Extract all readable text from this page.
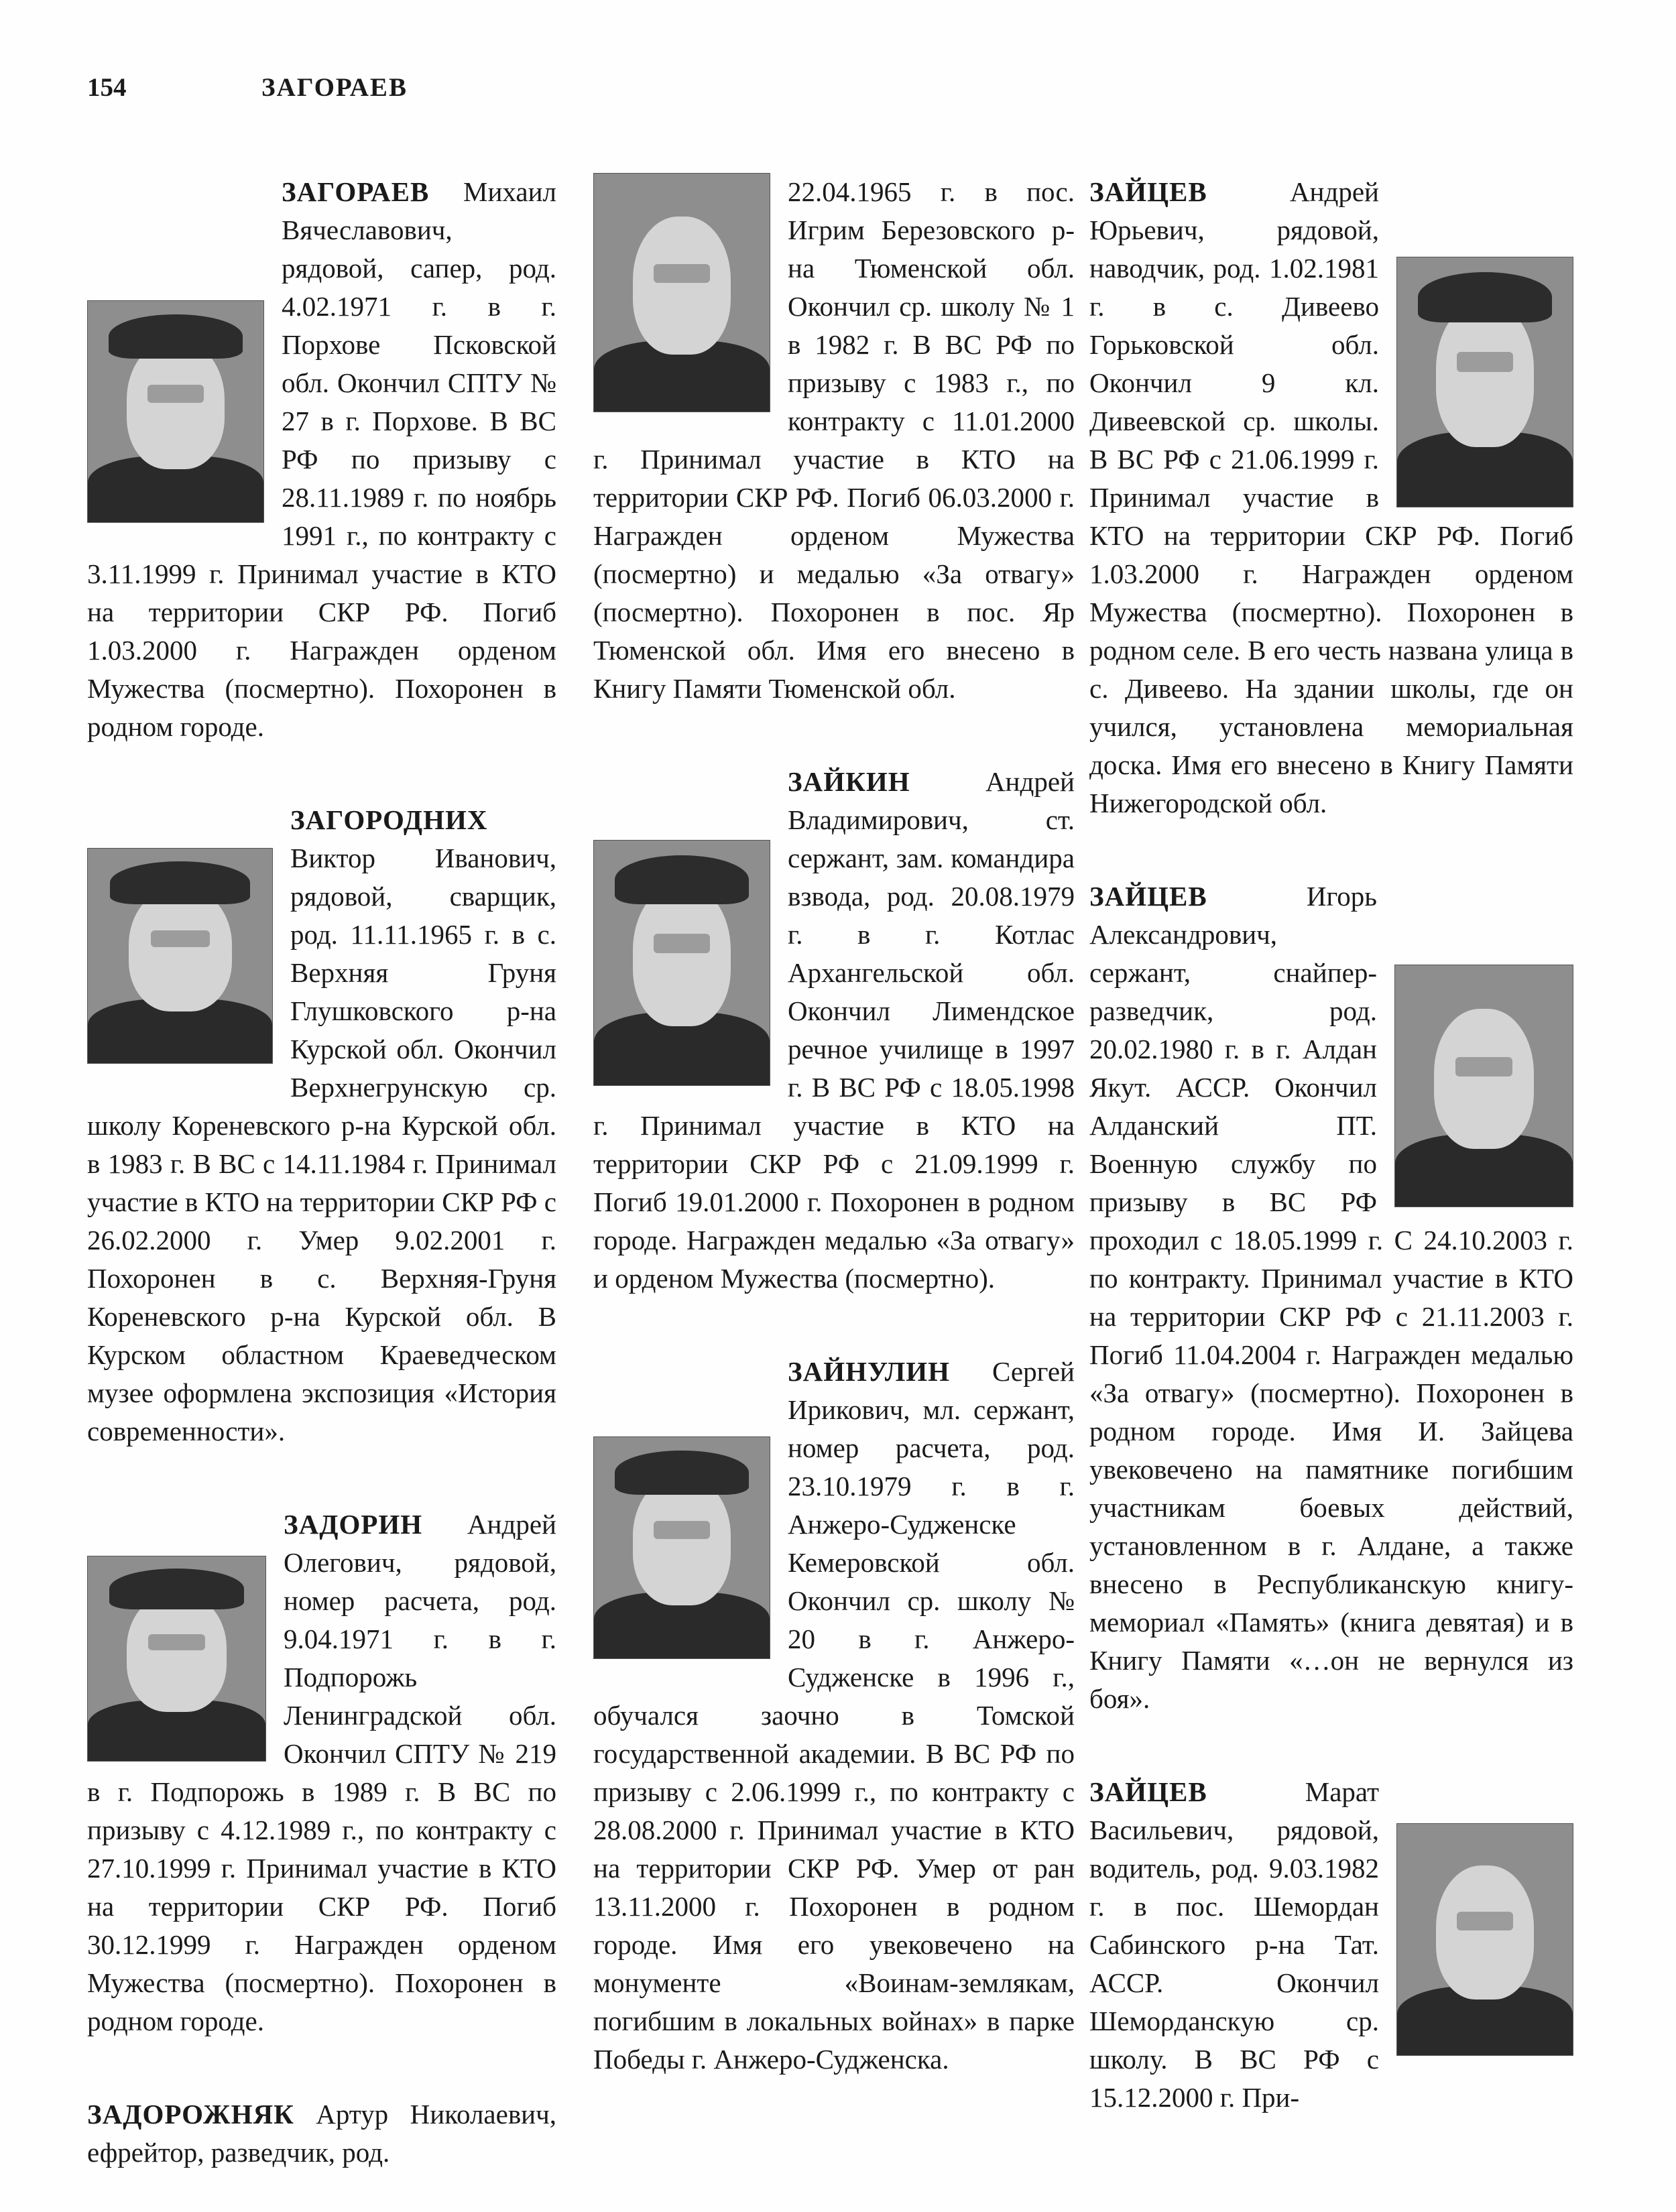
154	ЗАГОРАЕВ
ЗАГОРАЕВ Михаил Вячеславович, рядовой, сапер, род. 4.02.1971 г. в г. Порхове Псковской обл. Окончил СПТУ № 27 в г. Порхове. В ВС РФ по призыву с 28.11.1989 г. по ноябрь 1991 г., по контракту с 3.11.1999 г. Принимал участие в КТО на территории СКР РФ. Погиб 1.03.2000 г. Награжден орденом Мужества (посмертно). Похоронен в родном городе.
ЗАГОРОДНИХ Виктор Иванович, рядовой, сварщик, род. 11.11.1965 г. в с. Верхняя Груня Глушковского р-на Курской обл. Окончил Верхнегрунскую ср. школу Кореневского р-на Курской обл. в 1983 г. В ВС с 14.11.1984 г. Принимал участие в КТО на территории СКР РФ с 26.02.2000 г. Умер 9.02.2001 г. Похоронен в с. Верхняя-Груня Кореневского р-на Курской обл. В Курском областном Краеведческом музее оформлена экспозиция «История современности».
ЗАДОРИН Андрей Олегович, рядовой, номер расчета, род. 9.04.1971 г. в г. Подпорожь Ленинградской обл. Окончил СПТУ № 219 в г. Подпорожь в 1989 г. В ВС по призыву с 4.12.1989 г., по контракту с 27.10.1999 г. Принимал участие в КТО на территории СКР РФ. Погиб 30.12.1999 г. Награжден орденом Мужества (посмертно). Похоронен в родном городе.
ЗАДОРОЖНЯК Артур Николаевич, ефрейтор, разведчик, род.
22.04.1965 г. в пос. Игрим Березовского р-на Тюменской обл. Окончил ср. школу № 1 в 1982 г. В ВС РФ по призыву с 1983 г., по контракту с 11.01.2000 г. Принимал участие в КТО на территории СКР РФ. Погиб 06.03.2000 г. Награжден орденом Мужества (посмертно) и медалью «За отвагу» (посмертно). Похоронен в пос. Яр Тюменской обл. Имя его внесено в Книгу Памяти Тюменской обл.
ЗАЙКИН	Андрей Владимирович, ст. сержант, зам. командира взвода, род. 20.08.1979 г. в г. Котлас Архангельской обл. Окончил Лимендское речное училище в 1997 г. В ВС РФ с 18.05.1998 г. Принимал участие в КТО на территории СКР РФ с 21.09.1999 г. Погиб 19.01.2000 г. Похоронен в родном городе. Награжден медалью «За отвагу» и орденом Мужества (посмертно).
ЗАЙНУЛИН Сергей Ирикович, мл. сержант, номер расчета, род. 23.10.1979 г. в г. Анжеро-Судженске Кемеровской обл. Окончил ср. школу № 20 в г. Анжеро-Судженске в 1996 г., обучался заочно в Томской государственной академии. В ВС РФ по призыву с 2.06.1999 г., по контракту с 28.08.2000 г. Принимал участие в КТО на территории СКР РФ. Умер от ран 13.11.2000 г. Похоронен в родном городе. Имя его увековечено на монументе «Воинам-землякам, погибшим в локальных войнах» в парке Победы г. Анжеро-Судженска.
ЗАЙЦЕВ	Андрей Юрьевич, рядовой, наводчик, род. 1.02.1981 г. в с. Дивеево Горьковской обл. Окончил 9 кл. Дивеевской ср. школы. В ВС РФ с 21.06.1999 г. Принимал участие в КТО на территории СКР РФ. Погиб 1.03.2000 г. Награжден орденом Мужества (посмертно). Похоронен в родном селе. В его честь названа улица в с. Дивеево. На здании школы, где он учился, установлена мемориальная доска. Имя его внесено в Книгу Памяти Нижегородской обл.
ЗАЙЦЕВ	Игорь Александрович, сержант, снайпер-разведчик, род. 20.02.1980 г. в г. Алдан Якут. АССР. Окончил Алданский ПТ. Военную службу по призыву в ВС РФ проходил с 18.05.1999 г. С 24.10.2003 г. по контракту. Принимал участие в КТО на территории СКР РФ с 21.11.2003 г. Погиб 11.04.2004 г. Награжден медалью «За отвагу» (посмертно). Похоронен в родном городе. Имя И. Зайцева увековечено на памятнике погибшим участникам боевых действий, установленном в г. Алдане, а также внесено в Республиканскую книгу-мемориал «Память» (книга девятая) и в Книгу Памяти «…он не вернулся из боя».
ЗАЙЦЕВ	Марат Васильевич, рядовой, водитель, род. 9.03.1982 г. в пос. Шемордан Сабинского р-на Тат. АССР. Окончил Шемορданскую ср. школу. В ВС РФ с 15.12.2000 г. При-
